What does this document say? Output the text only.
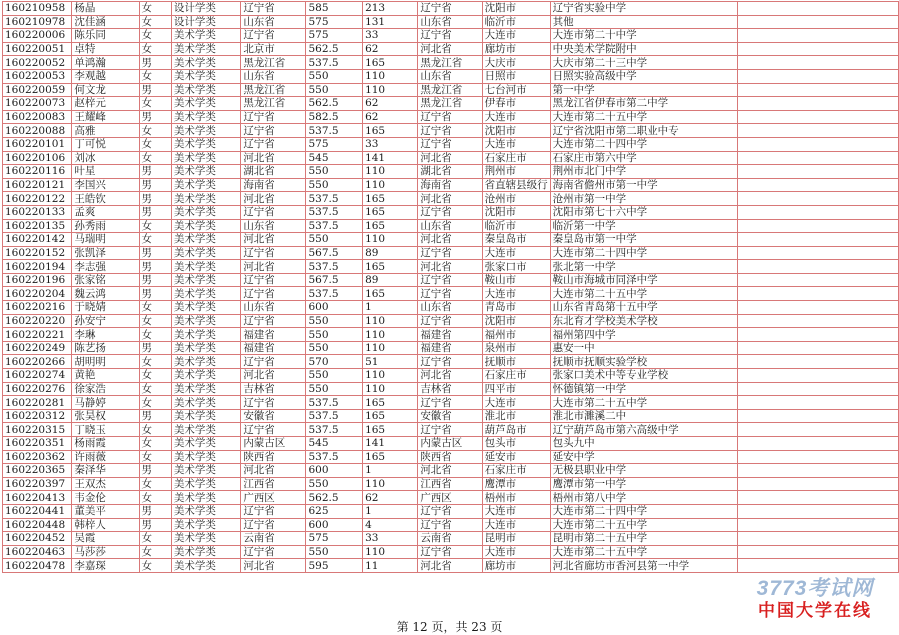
160210958	杨晶	女	设计学类	辽宁省	585	213	辽宁省	沈阳市	辽宁省实验中学	
160210978	沈佳涵	女	设计学类	山东省	575	131	山东省	临沂市	其他	
160220006	陈乐同	女	美术学类	辽宁省	575	33	辽宁省	大连市	大连市第二十中学	
160220051	卓特	女	美术学类	北京市	562.5	62	河北省	廊坊市	中央美术学院附中	
160220052	单鸿瀚	男	美术学类	黑龙江省	537.5	165	黑龙江省	大庆市	大庆市第二十三中学	
160220053	李观越	女	美术学类	山东省	550	110	山东省	日照市	日照实验高级中学	
160220059	何文龙	男	美术学类	黑龙江省	550	110	黑龙江省	七台河市	第一中学	
160220073	赵梓元	女	美术学类	黑龙江省	562.5	62	黑龙江省	伊春市	黑龙江省伊春市第二中学	
160220083	王耀峰	男	美术学类	辽宁省	582.5	62	辽宁省	大连市	大连市第二十五中学	
160220088	高雅	女	美术学类	辽宁省	537.5	165	辽宁省	沈阳市	辽宁省沈阳市第二职业中专	
160220101	丁可悦	女	美术学类	辽宁省	575	33	辽宁省	大连市	大连市第二十四中学	
160220106	刘冰	女	美术学类	河北省	545	141	河北省	石家庄市	石家庄市第六中学	
160220116	叶星	男	美术学类	湖北省	550	110	湖北省	荆州市	荆州市北门中学	
160220121	李国兴	男	美术学类	海南省	550	110	海南省	省直辖县级行	海南省儋州市第一中学	
160220122	王皓钦	男	美术学类	河北省	537.5	165	河北省	沧州市	沧州市第一中学	
160220133	孟爽	男	美术学类	辽宁省	537.5	165	辽宁省	沈阳市	沈阳市第七十六中学	
160220135	孙秀雨	女	美术学类	山东省	537.5	165	山东省	临沂市	临沂第一中学	
160220142	马瑞明	女	美术学类	河北省	550	110	河北省	秦皇岛市	秦皇岛市第一中学	
160220152	张凯泽	男	美术学类	辽宁省	567.5	89	辽宁省	大连市	大连市第二十四中学	
160220194	李志强	男	美术学类	河北省	537.5	165	河北省	张家口市	张北第一中学	
160220196	张家铭	男	美术学类	辽宁省	567.5	89	辽宁省	鞍山市	鞍山市海城市同泽中学	
160220204	魏云鸿	男	美术学类	辽宁省	537.5	165	辽宁省	大连市	大连市第二十五中学	
160220216	于晓婧	女	美术学类	山东省	600	1	山东省	青岛市	山东省青岛第十五中学	
160220220	孙安宁	女	美术学类	辽宁省	550	110	辽宁省	沈阳市	东北育才学校美术学校	
160220221	李琳	女	美术学类	福建省	550	110	福建省	福州市	福州第四中学	
160220249	陈艺扬	男	美术学类	福建省	550	110	福建省	泉州市	惠安一中	
160220266	胡明明	女	美术学类	辽宁省	570	51	辽宁省	抚顺市	抚顺市抚顺实验学校	
160220274	黄艳	女	美术学类	河北省	550	110	河北省	石家庄市	张家口美术中等专业学校	
160220276	徐家浩	女	美术学类	吉林省	550	110	吉林省	四平市	怀德镇第一中学	
160220281	马静婷	女	美术学类	辽宁省	537.5	165	辽宁省	大连市	大连市第二十五中学	
160220312	张昊权	男	美术学类	安徽省	537.5	165	安徽省	淮北市	淮北市濉溪二中	
160220315	丁晓玉	女	美术学类	辽宁省	537.5	165	辽宁省	葫芦岛市	辽宁葫芦岛市第六高级中学	
160220351	杨雨霞	女	美术学类	内蒙古区	545	141	内蒙古区	包头市	包头九中	
160220362	许雨薇	女	美术学类	陕西省	537.5	165	陕西省	延安市	延安中学	
160220365	秦泽华	男	美术学类	河北省	600	1	河北省	石家庄市	无极县职业中学	
160220397	王双杰	女	美术学类	江西省	550	110	江西省	鹰潭市	鹰潭市第一中学	
160220413	韦金伦	女	美术学类	广西区	562.5	62	广西区	梧州市	梧州市第八中学	
160220441	董美平	男	美术学类	辽宁省	625	1	辽宁省	大连市	大连市第二十四中学	
160220448	韩梓人	男	美术学类	辽宁省	600	4	辽宁省	大连市	大连市第二十五中学	
160220452	吴霞	女	美术学类	云南省	575	33	云南省	昆明市	昆明市第二十五中学	
160220463	马莎莎	女	美术学类	辽宁省	550	110	辽宁省	大连市	大连市第二十五中学	
160220478	李嘉琛	女	美术学类	河北省	595	11	河北省	廊坊市	河北省廊坊市香河县第一中学	
第 12 页，共 23 页
3773考试网
中国大学在线
